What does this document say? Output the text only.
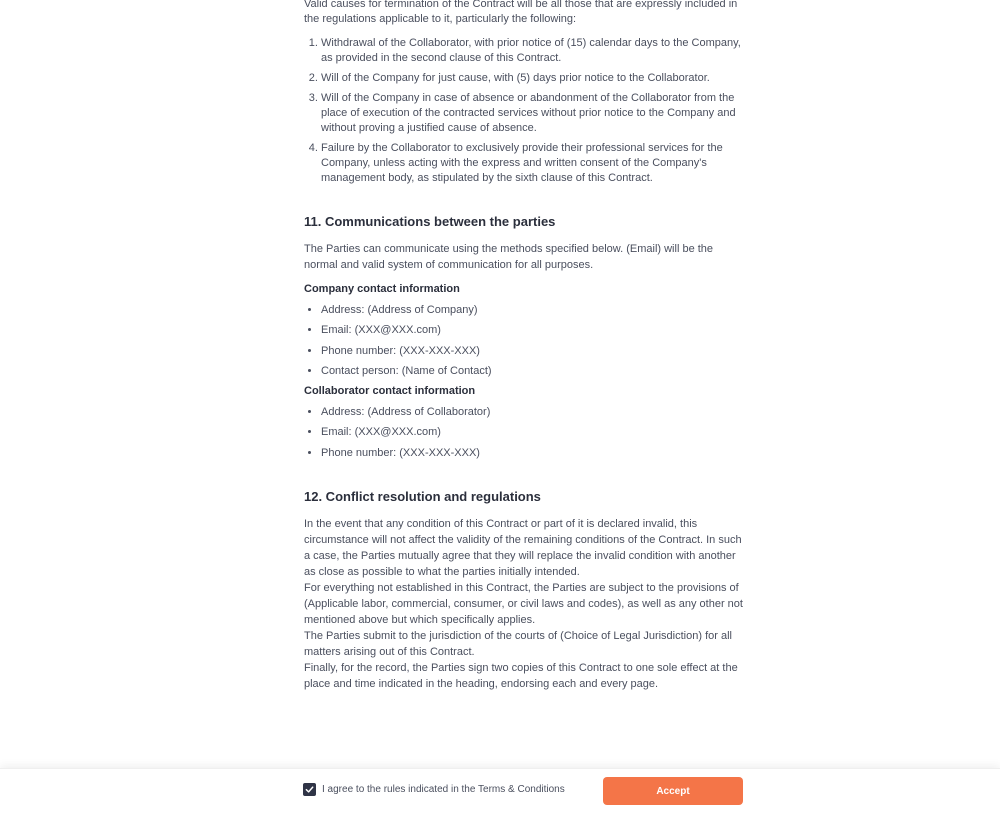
Valid causes for termination of the Contract will be all those that are expressly included in the regulations applicable to it, particularly the following:

1. Withdrawal of the Collaborator, with prior notice of (15) calendar days to the Company, as provided in the second clause of this Contract.
2. Will of the Company for just cause, with (5) days prior notice to the Collaborator.
3. Will of the Company in case of absence or abandonment of the Collaborator from the place of execution of the contracted services without prior notice to the Company and without proving a justified cause of absence.
4. Failure by the Collaborator to exclusively provide their professional services for the Company, unless acting with the express and written consent of the Company's management body, as stipulated by the sixth clause of this Contract.
11. Communications between the parties

The Parties can communicate using the methods specified below. (Email) will be the normal and valid system of communication for all purposes.

Company contact information
• Address: (Address of Company)
• Email: (XXX@XXX.com)
• Phone number: (XXX-XXX-XXX)
• Contact person: (Name of Contact)
Collaborator contact information
• Address: (Address of Collaborator)
• Email: (XXX@XXX.com)
• Phone number: (XXX-XXX-XXX)
12. Conflict resolution and regulations

In the event that any condition of this Contract or part of it is declared invalid, this circumstance will not affect the validity of the remaining conditions of the Contract. In such a case, the Parties mutually agree that they will replace the invalid condition with another as close as possible to what the parties initially intended.

For everything not established in this Contract, the Parties are subject to the provisions of (Applicable labor, commercial, consumer, or civil laws and codes), as well as any other not mentioned above but which specifically applies.

The Parties submit to the jurisdiction of the courts of (Choice of Legal Jurisdiction) for all matters arising out of this Contract.

Finally, for the record, the Parties sign two copies of this Contract to one sole effect at the place and time indicated in the heading, endorsing each and every page.

I agree to the rules indicated in the Terms & Conditions	Accept
